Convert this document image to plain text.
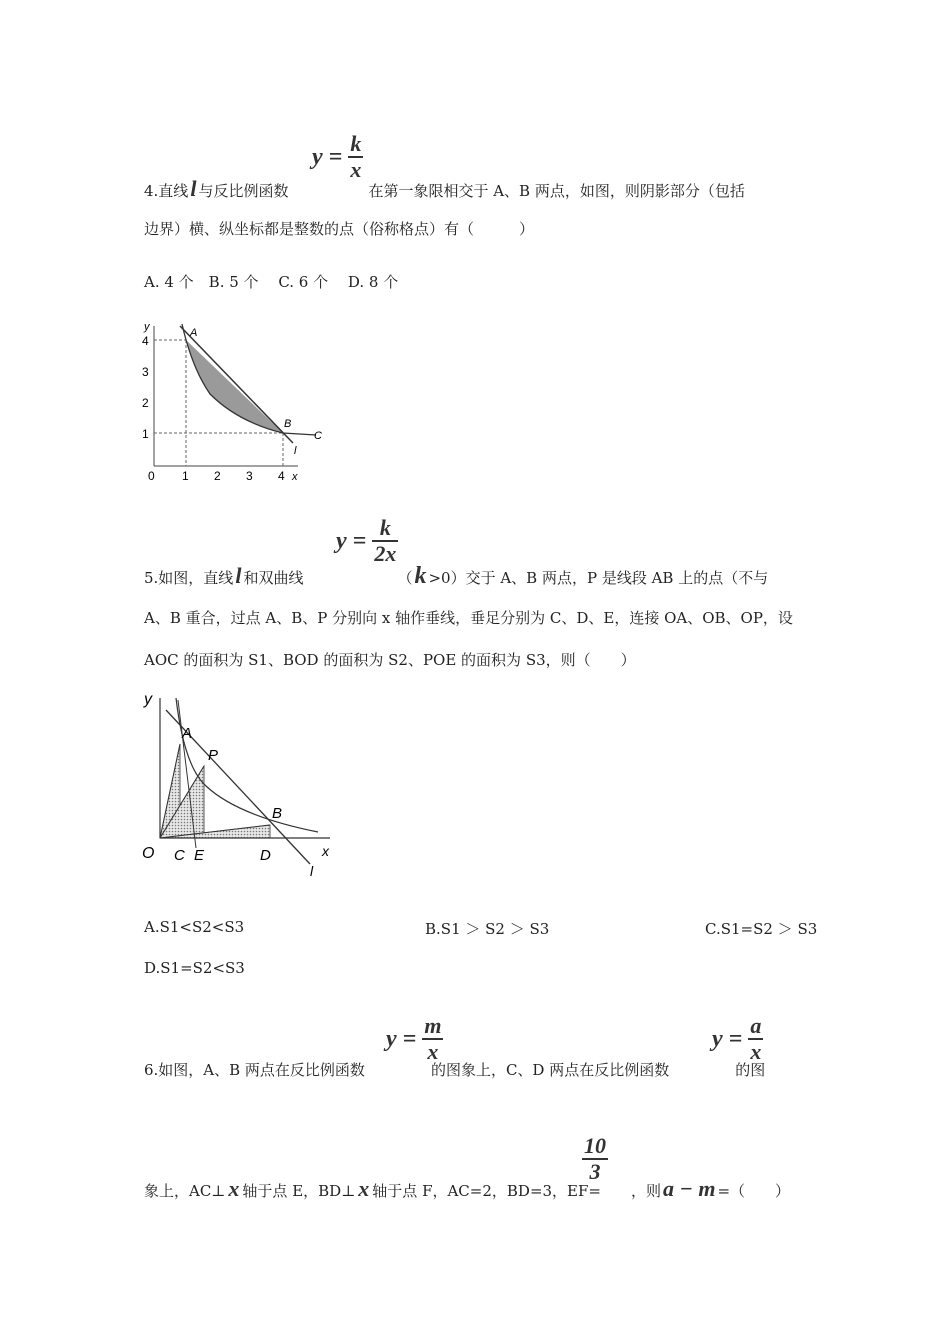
$y = \frac{k}{x}$
4.直线l 与反比例函数	在第一象限相交于 A、B 两点，如图，则阴影部分（包括
边界）横、纵坐标都是整数的点（俗称格点）有（　　　）
A. 4 个　B. 5 个　 C. 6 个　 D. 8 个
y
x
0 1 2 3 4
1
2
3
4
A
B
C
l
$y = \frac{k}{2x}$
5.如图，直线l 和双曲线	（k >0）交于 A、B 两点，P 是线段 AB 上的点（不与
A、B 重合，过点 A、B、P 分别向 x 轴作垂线，垂足分别为 C、D、E，连接 OA、OB、OP，设
AOC 的面积为 S1、BOD 的面积为 S2、POE 的面积为 S3，则（　　）
y
x
O
A
P
B
C E	D
l
A.S1<S2<S3	B.S1 ＞ S2 ＞ S3	C.S1=S2 ＞ S3
D.S1=S2<S3
$y = \frac{m}{x}$	$y = \frac{a}{x}$
6.如图，A、B 两点在反比例函数	的图象上，C、D 两点在反比例函数	的图
$\frac{10}{3}$
象上，AC⊥ x 轴于点 E，BD⊥ x 轴于点 F，AC=2，BD=3，EF= ，则a − m =（　　）
